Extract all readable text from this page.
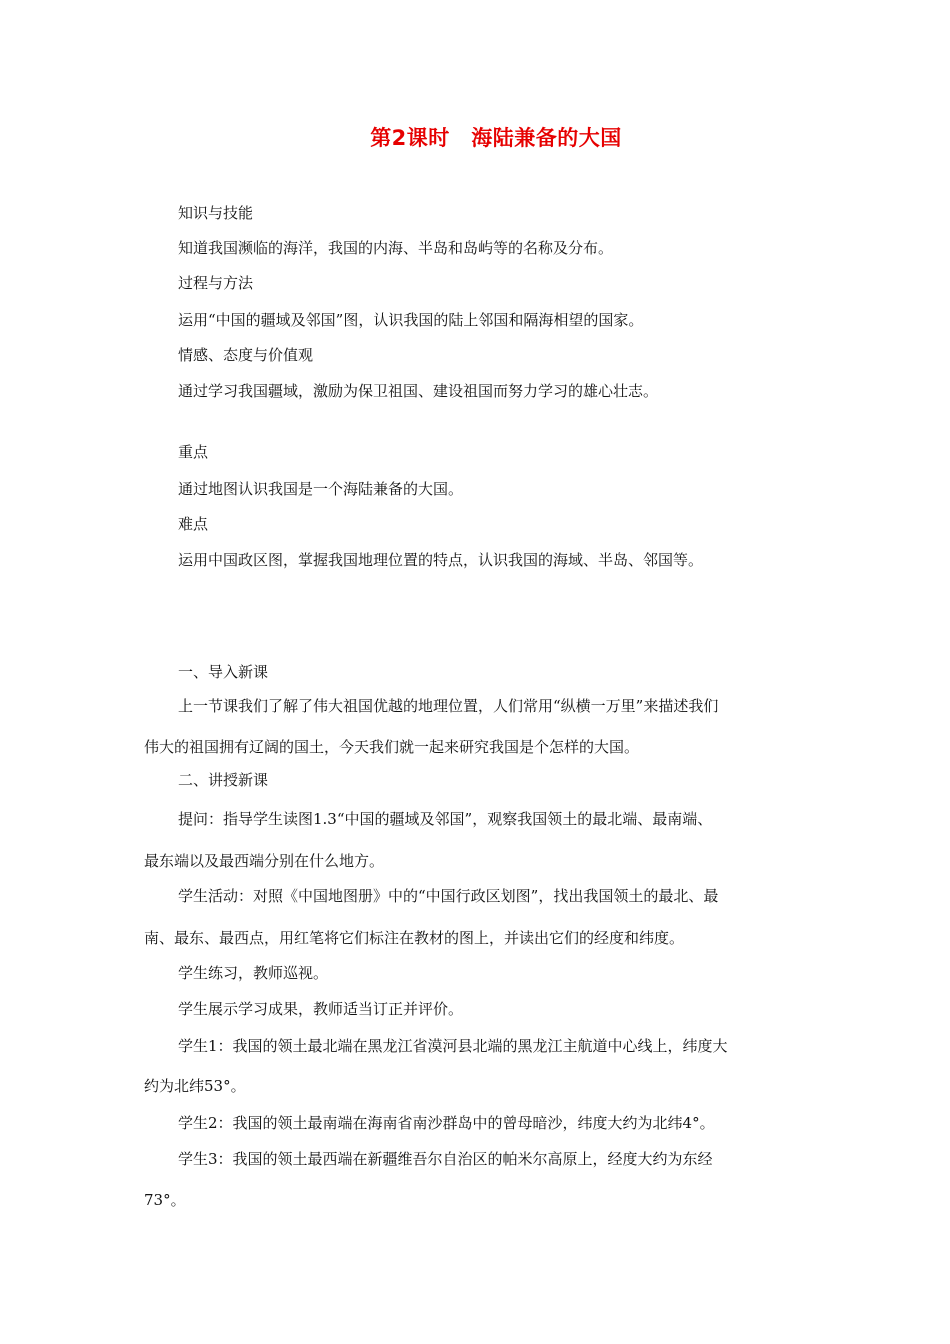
第2课时　海陆兼备的大国
知识与技能
知道我国濒临的海洋，我国的内海、半岛和岛屿等的名称及分布。
过程与方法
运用“中国的疆域及邻国”图，认识我国的陆上邻国和隔海相望的国家。
情感、态度与价值观
通过学习我国疆域，激励为保卫祖国、建设祖国而努力学习的雄心壮志。
重点
通过地图认识我国是一个海陆兼备的大国。
难点
运用中国政区图，掌握我国地理位置的特点，认识我国的海域、半岛、邻国等。
一、导入新课
上一节课我们了解了伟大祖国优越的地理位置，人们常用“纵横一万里”来描述我们
伟大的祖国拥有辽阔的国土，今天我们就一起来研究我国是个怎样的大国。
二、讲授新课
提问：指导学生读图1.3“中国的疆域及邻国”，观察我国领土的最北端、最南端、
最东端以及最西端分别在什么地方。
学生活动：对照《中国地图册》中的“中国行政区划图”，找出我国领土的最北、最
南、最东、最西点，用红笔将它们标注在教材的图上，并读出它们的经度和纬度。
学生练习，教师巡视。
学生展示学习成果，教师适当订正并评价。
学生1：我国的领土最北端在黑龙江省漠河县北端的黑龙江主航道中心线上，纬度大
约为北纬53°。
学生2：我国的领土最南端在海南省南沙群岛中的曾母暗沙，纬度大约为北纬4°。
学生3：我国的领土最西端在新疆维吾尔自治区的帕米尔高原上，经度大约为东经
73°。
